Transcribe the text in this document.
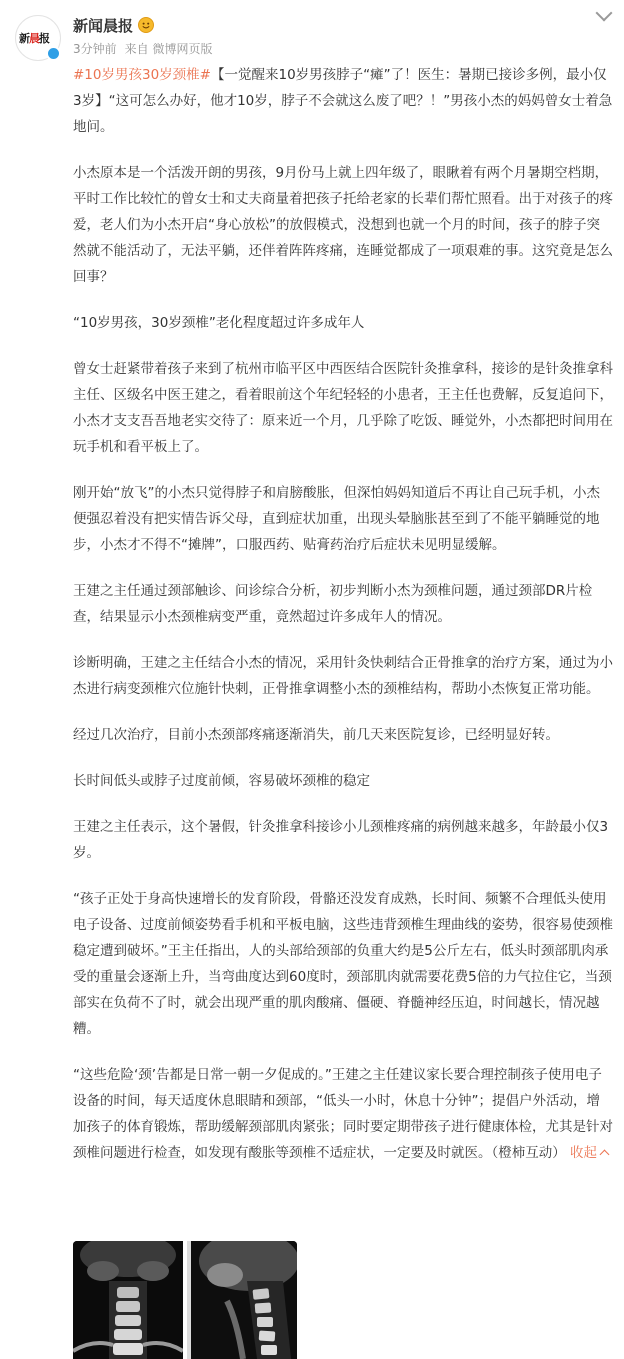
新晨报
新闻晨报
3分钟前 来自 微博网页版

#10岁男孩30岁颈椎#【一觉醒来10岁男孩脖子“瘫”了！医生：暑期已接诊多例，最小仅3岁】“这可怎么办好，他才10岁，脖子不会就这么废了吧？！”男孩小杰的妈妈曾女士着急地问。

小杰原本是一个活泼开朗的男孩，9月份马上就上四年级了，眼瞅着有两个月暑期空档期，平时工作比较忙的曾女士和丈夫商量着把孩子托给老家的长辈们帮忙照看。出于对孩子的疼爱，老人们为小杰开启“身心放松”的放假模式，没想到也就一个月的时间，孩子的脖子突然就不能活动了，无法平躺，还伴着阵阵疼痛，连睡觉都成了一项艰难的事。这究竟是怎么回事？

“10岁男孩，30岁颈椎”老化程度超过许多成年人

曾女士赶紧带着孩子来到了杭州市临平区中西医结合医院针灸推拿科，接诊的是针灸推拿科主任、区级名中医王建之，看着眼前这个年纪轻轻的小患者，王主任也费解，反复追问下，小杰才支支吾吾地老实交待了：原来近一个月，几乎除了吃饭、睡觉外，小杰都把时间用在玩手机和看平板上了。

刚开始“放飞”的小杰只觉得脖子和肩膀酸胀，但深怕妈妈知道后不再让自己玩手机，小杰便强忍着没有把实情告诉父母，直到症状加重，出现头晕脑胀甚至到了不能平躺睡觉的地步，小杰才不得不“摊牌”，口服西药、贴膏药治疗后症状未见明显缓解。

王建之主任通过颈部触诊、问诊综合分析，初步判断小杰为颈椎问题，通过颈部DR片检查，结果显示小杰颈椎病变严重，竟然超过许多成年人的情况。

诊断明确，王建之主任结合小杰的情况，采用针灸快刺结合正骨推拿的治疗方案，通过为小杰进行病变颈椎穴位施针快刺，正骨推拿调整小杰的颈椎结构，帮助小杰恢复正常功能。

经过几次治疗，目前小杰颈部疼痛逐渐消失，前几天来医院复诊，已经明显好转。

长时间低头或脖子过度前倾，容易破坏颈椎的稳定

王建之主任表示，这个暑假，针灸推拿科接诊小儿颈椎疼痛的病例越来越多，年龄最小仅3岁。

“孩子正处于身高快速增长的发育阶段，骨骼还没发育成熟，长时间、频繁不合理低头使用电子设备、过度前倾姿势看手机和平板电脑，这些违背颈椎生理曲线的姿势，很容易使颈椎稳定遭到破坏。”王主任指出，人的头部给颈部的负重大约是5公斤左右，低头时颈部肌肉承受的重量会逐渐上升，当弯曲度达到60度时，颈部肌肉就需要花费5倍的力气拉住它，当颈部实在负荷不了时，就会出现严重的肌肉酸痛、僵硬、脊髓神经压迫，时间越长，情况越糟。

“这些危险‘颈’告都是日常一朝一夕促成的。”王建之主任建议家长要合理控制孩子使用电子设备的时间，每天适度休息眼睛和颈部，“低头一小时，休息十分钟”；提倡户外活动，增加孩子的体育锻炼，帮助缓解颈部肌肉紧张；同时要定期带孩子进行健康体检，尤其是针对颈椎问题进行检查，如发现有酸胀等颈椎不适症状，一定要及时就医。（橙柿互动） 收起
